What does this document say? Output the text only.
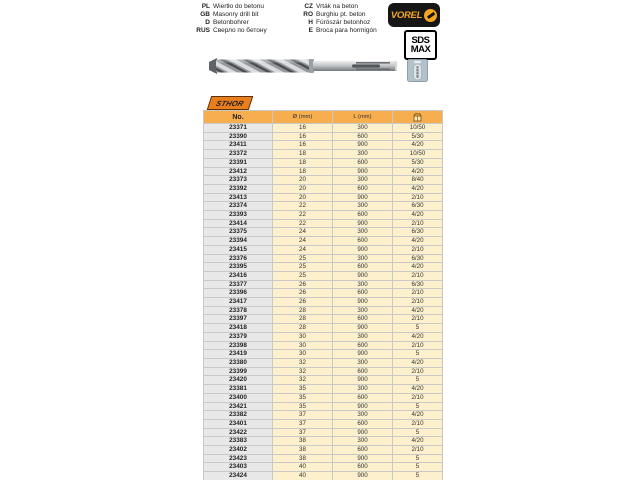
PL Wiertło do betonu
GB Masonry drill bit
D Betonbohrer
RUS Сверло по бетону
CZ Vrták na beton
RO Burghiu pt. beton
H Fúrószár betonhoz
E Broca para hormigón
VOREL
SDS
MAX
STHOR
No.	Ø (mm)	L (mm)	
23371	16	300	10/50
23390	16	600	5/30
23411	16	900	4/20
23372	18	300	10/50
23391	18	600	5/30
23412	18	900	4/20
23373	20	300	8/40
23392	20	600	4/20
23413	20	900	2/10
23374	22	300	6/30
23393	22	600	4/20
23414	22	900	2/10
23375	24	300	6/30
23394	24	600	4/20
23415	24	900	2/10
23376	25	300	6/30
23395	25	600	4/20
23416	25	900	2/10
23377	26	300	6/30
23396	26	600	2/10
23417	26	900	2/10
23378	28	300	4/20
23397	28	600	2/10
23418	28	900	5
23379	30	300	4/20
23398	30	600	2/10
23419	30	900	5
23380	32	300	4/20
23399	32	600	2/10
23420	32	900	5
23381	35	300	4/20
23400	35	600	2/10
23421	35	900	5
23382	37	300	4/20
23401	37	600	2/10
23422	37	900	5
23383	38	300	4/20
23402	38	600	2/10
23423	38	900	5
23403	40	600	5
23424	40	900	5
